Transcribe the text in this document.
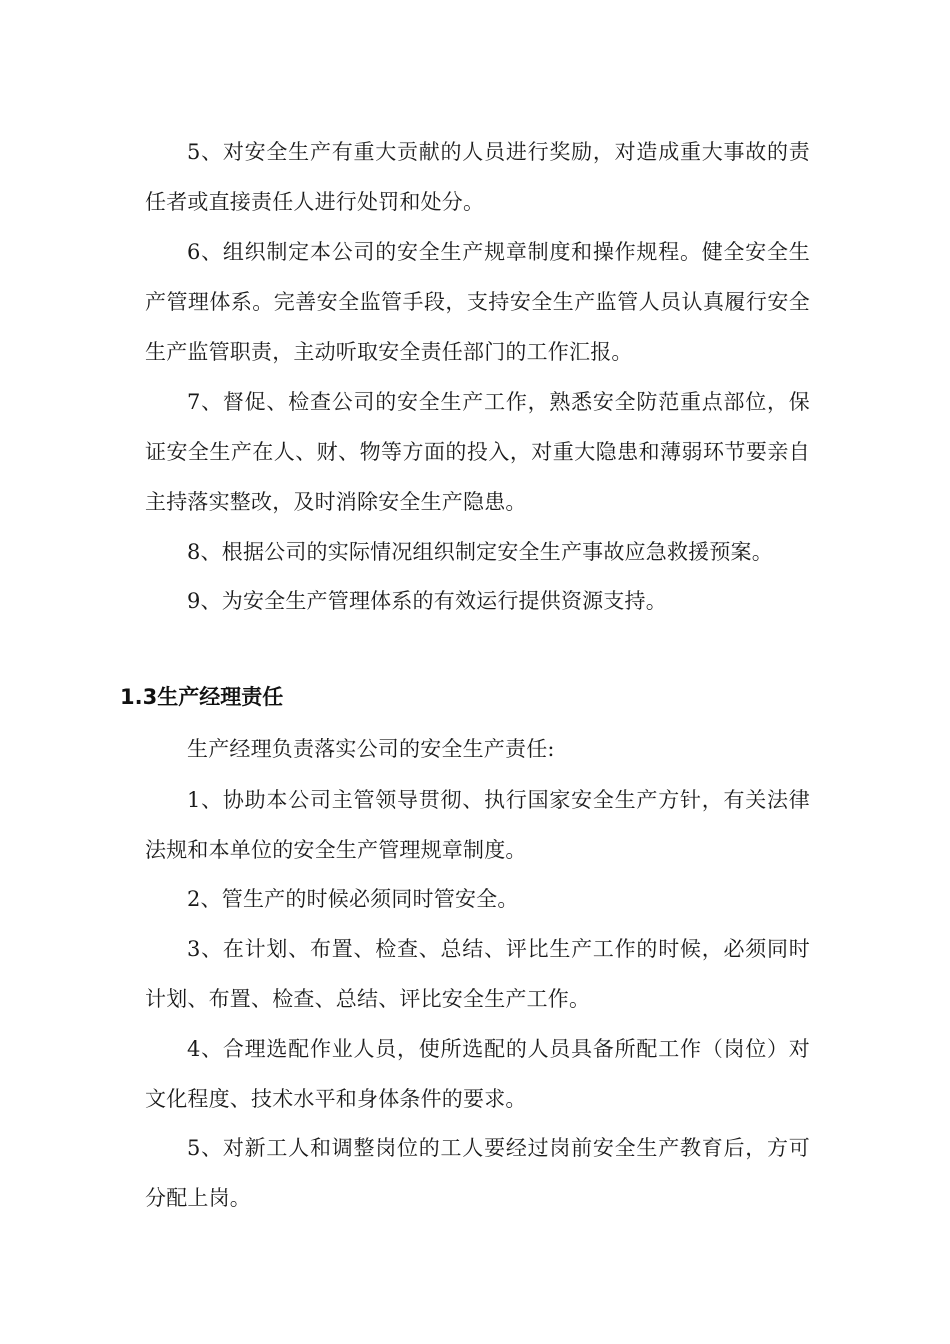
5、对安全生产有重大贡献的人员进行奖励，对造成重大事故的责任者或直接责任人进行处罚和处分。

6、组织制定本公司的安全生产规章制度和操作规程。健全安全生产管理体系。完善安全监管手段，支持安全生产监管人员认真履行安全生产监管职责，主动听取安全责任部门的工作汇报。

7、督促、检查公司的安全生产工作，熟悉安全防范重点部位，保证安全生产在人、财、物等方面的投入，对重大隐患和薄弱环节要亲自主持落实整改，及时消除安全生产隐患。

8、根据公司的实际情况组织制定安全生产事故应急救援预案。

9、为安全生产管理体系的有效运行提供资源支持。

1.3生产经理责任

生产经理负责落实公司的安全生产责任:

1、协助本公司主管领导贯彻、执行国家安全生产方针，有关法律法规和本单位的安全生产管理规章制度。

2、管生产的时候必须同时管安全。

3、在计划、布置、检查、总结、评比生产工作的时候，必须同时计划、布置、检查、总结、评比安全生产工作。

4、合理选配作业人员，使所选配的人员具备所配工作（岗位）对文化程度、技术水平和身体条件的要求。

5、对新工人和调整岗位的工人要经过岗前安全生产教育后，方可分配上岗。
